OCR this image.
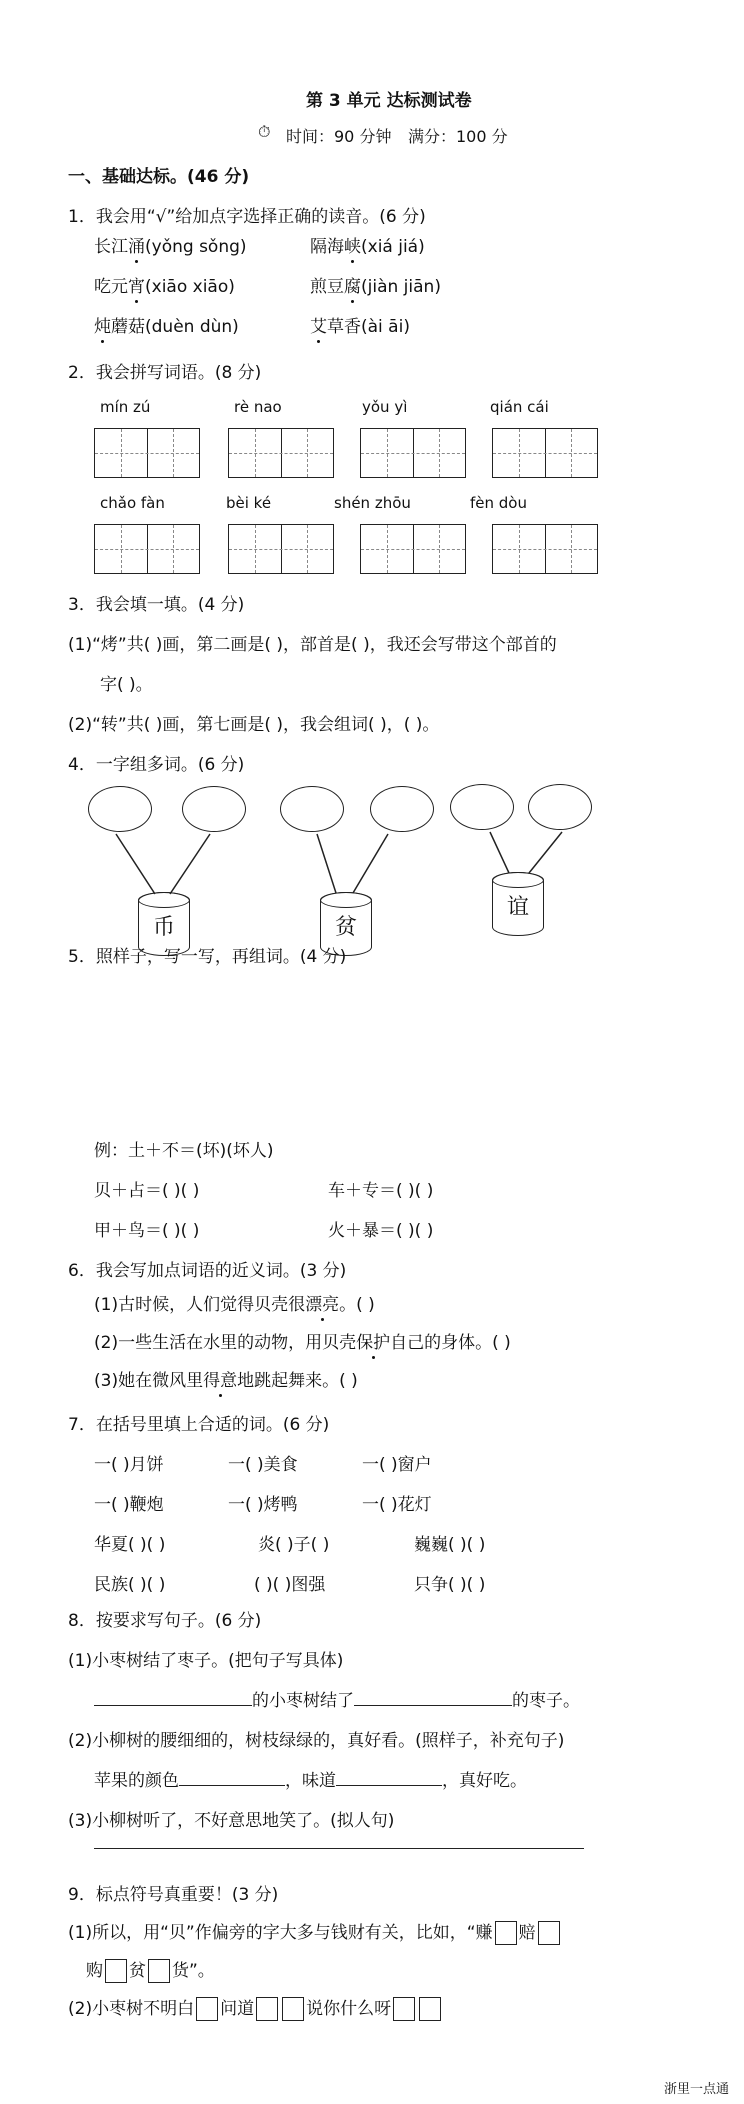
第 3 单元 达标测试卷
⏱ 时间：90 分钟 满分：100 分
一、基础达标。(46 分)
1．我会用“√”给加点字选择正确的读音。(6 分)
长江涌(yǒng sǒng)	隔海峡(xiá jiá)
吃元宵(xiāo xiāo)	煎豆腐(jiàn jiān)
炖蘑菇(duèn dùn)	艾草香(ài āi)
2．我会拼写词语。(8 分)
mín zú	rè nao	yǒu yì	qián cái
chǎo fàn	bèi ké	shén zhōu	fèn dòu
3．我会填一填。(4 分)
(1)“烤”共( )画，第二画是( )，部首是( )，我还会写带这个部首的
字( )。
(2)“转”共( )画，第七画是( )，我会组词( )，( )。
4．一字组多词。(6 分)
币	贫
谊
5．照样子，写一写，再组词。(4 分)
例：土＋不＝(坏)(坏人)
贝＋占＝( )( )	车＋专＝( )( )
甲＋鸟＝( )( )	火＋暴＝( )( )
6．我会写加点词语的近义词。(3 分)
(1)古时候，人们觉得贝壳很漂亮。( )
(2)一些生活在水里的动物，用贝壳保护自己的身体。( )
(3)她在微风里得意地跳起舞来。( )
7．在括号里填上合适的词。(6 分)
一( )月饼	一( )美食	一( )窗户
一( )鞭炮	一( )烤鸭	一( )花灯
华夏( )( )	炎( )子( )	巍巍( )( )
民族( )( )	( )( )图强	只争( )( )
8．按要求写句子。(6 分)
(1)小枣树结了枣子。(把句子写具体)
的小枣树结了	的枣子。
(2)小柳树的腰细细的，树枝绿绿的，真好看。(照样子，补充句子)
苹果的颜色	，味道	，真好吃。
(3)小柳树听了，不好意思地笑了。(拟人句)
9．标点符号真重要！(3 分)
(1)所以，用“贝”作偏旁的字大多与钱财有关，比如，“赚 赔
购 贫 货”。
(2)小枣树不明白 问道	说你什么呀
浙里一点通
